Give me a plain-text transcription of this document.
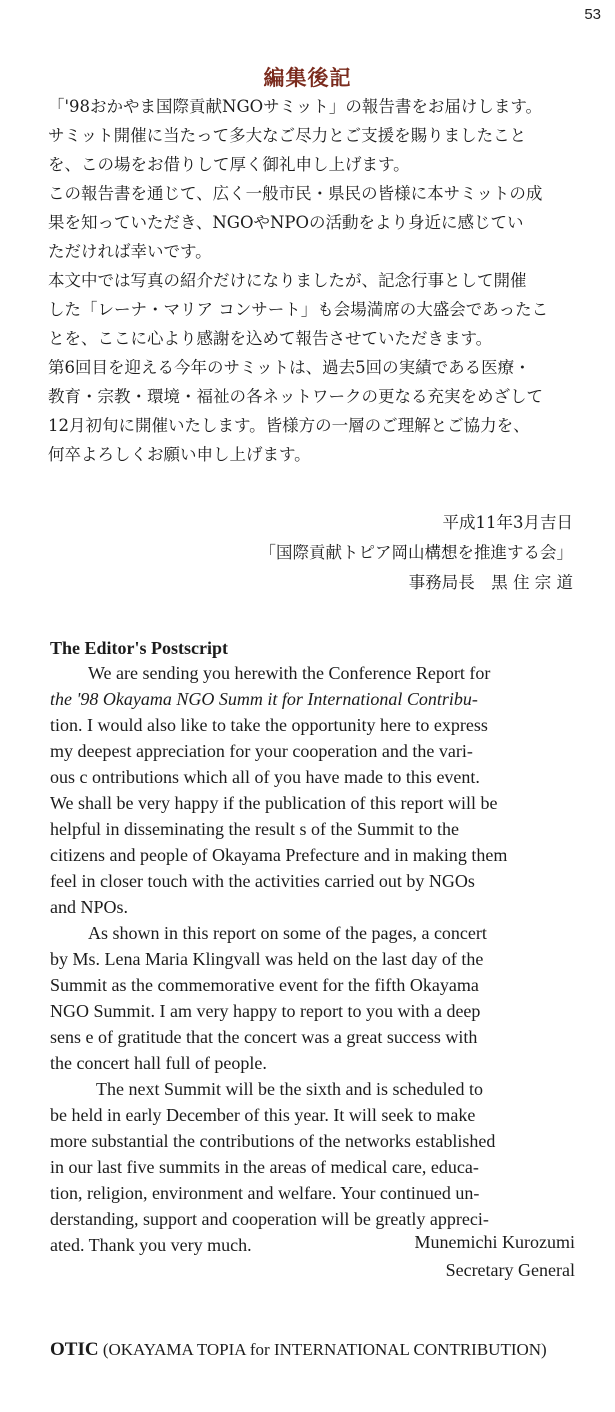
53
編集後記
「'98おかやま国際貢献NGOサミット」の報告書をお届けします。
サミット開催に当たって多大なご尽力とご支援を賜りましたこと
を、この場をお借りして厚く御礼申し上げます。
この報告書を通じて、広く一般市民・県民の皆様に本サミットの成
果を知っていただき、NGOやNPOの活動をより身近に感じてい
ただければ幸いです。
本文中では写真の紹介だけになりましたが、記念行事として開催
した「レーナ・マリア コンサート」も会場満席の大盛会であったこ
とを、ここに心より感謝を込めて報告させていただきます。
第6回目を迎える今年のサミットは、過去5回の実績である医療・
教育・宗教・環境・福祉の各ネットワークの更なる充実をめざして
12月初旬に開催いたします。皆様方の一層のご理解とご協力を、
何卒よろしくお願い申し上げます。
平成11年3月吉日
「国際貢献トピア岡山構想を推進する会」
事務局長　黒 住 宗 道
The Editor's Postscript
We are sending you herewith the Conference Report for
the '98 Okayama NGO Summ it for International Contribu-
tion. I would also like to take the opportunity here to express
my deepest appreciation for your cooperation and the vari-
ous c ontributions which all of you have made to this event.
We shall be very happy if the publication of this report will be
helpful in disseminating the result s of the Summit to the
citizens and people of Okayama Prefecture and in making them
feel in closer touch with the activities carried out by NGOs
and NPOs.
As shown in this report on some of the pages, a concert
by Ms. Lena Maria Klingvall was held on the last day of the
Summit as the commemorative event for the fifth Okayama
NGO Summit. I am very happy to report to you with a deep
sens e of gratitude that the concert was a great success with
the concert hall full of people.
The next Summit will be the sixth and is scheduled to
be held in early December of this year. It will seek to make
more substantial the contributions of the networks established
in our last five summits in the areas of medical care, educa-
tion, religion, environment and welfare. Your continued un-
derstanding, support and cooperation will be greatly appreci-
ated. Thank you very much.	Munemichi Kurozumi
Secretary General
OTIC (OKAYAMA TOPIA for INTERNATIONAL CONTRIBUTION)
